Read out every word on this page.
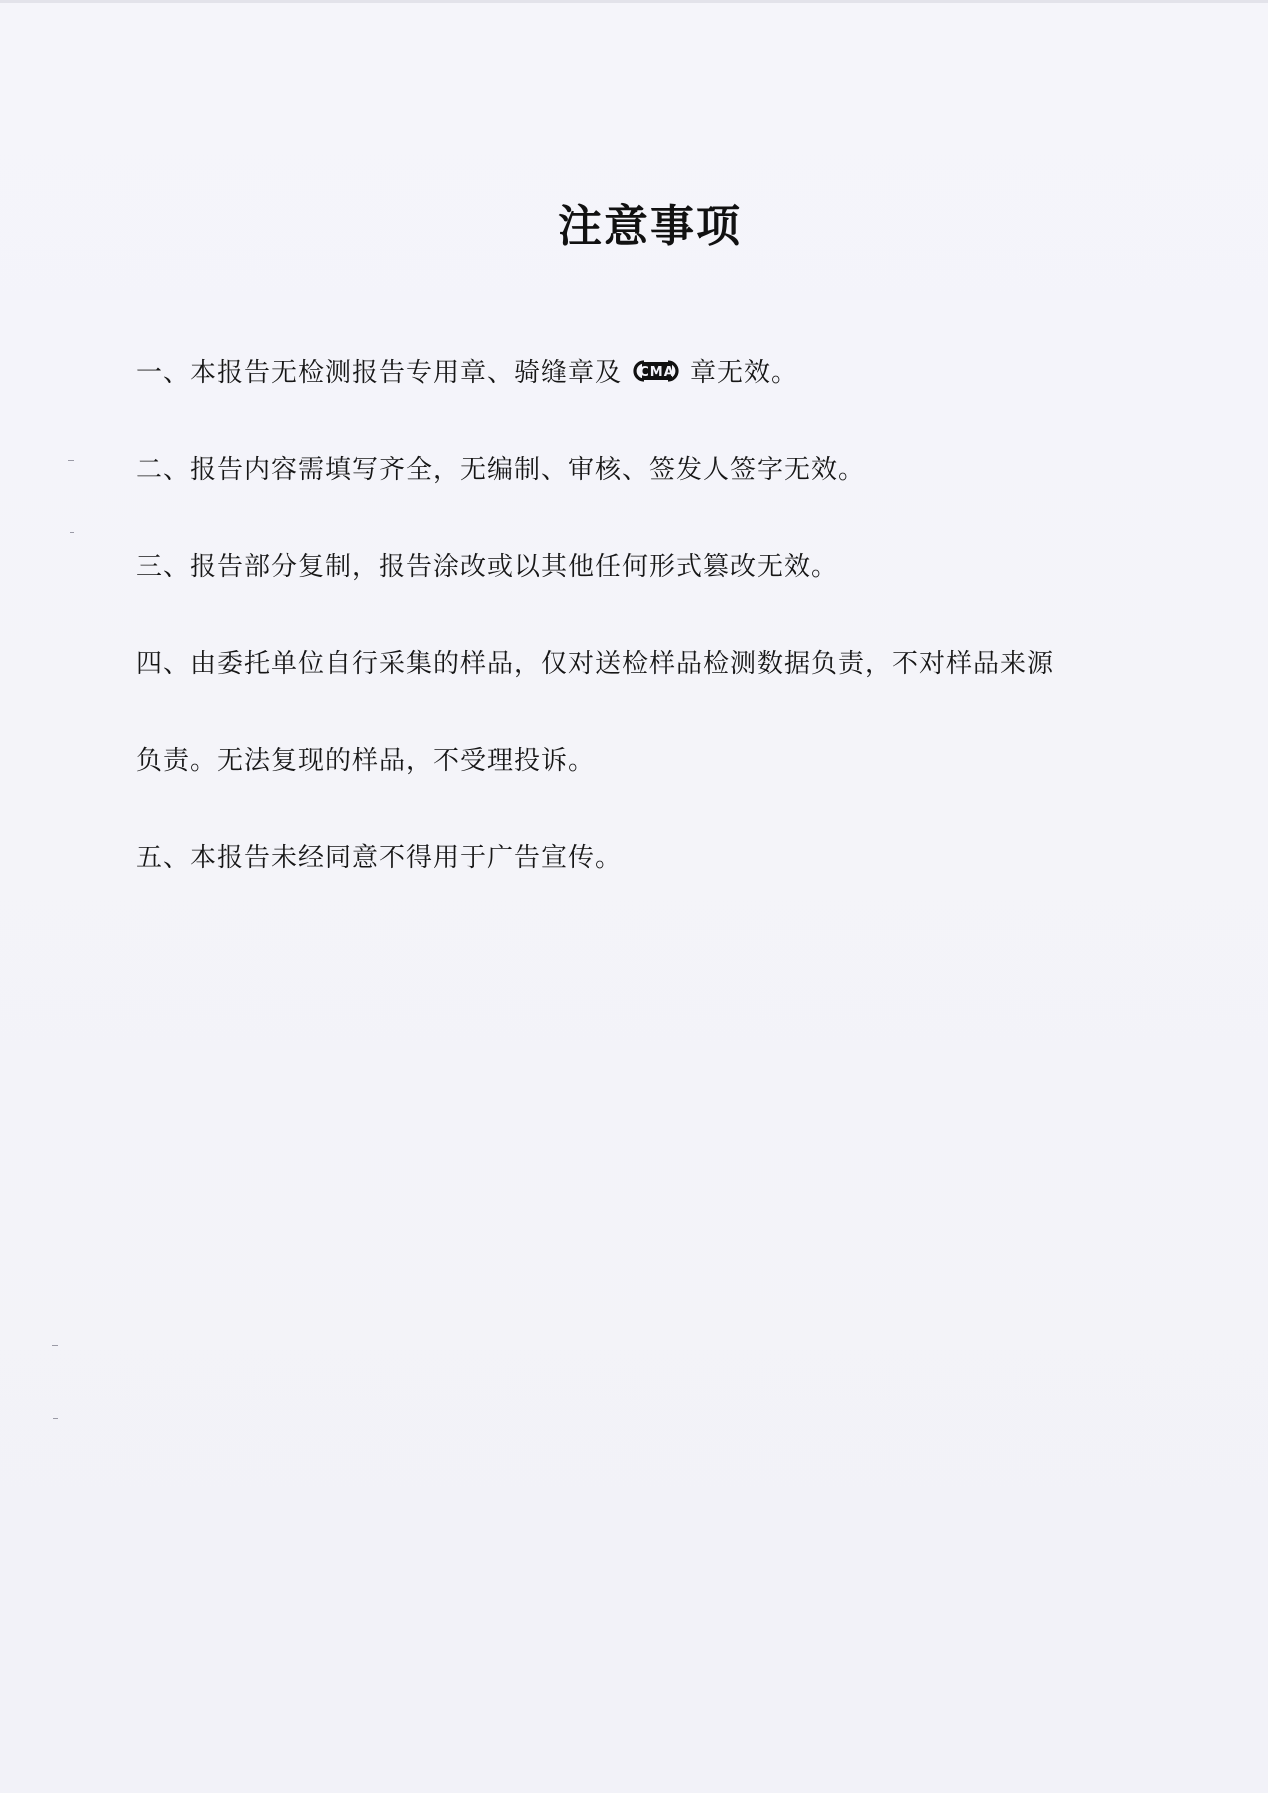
注意事项
一、本报告无检测报告专用章、骑缝章及 CMA 章无效。
二、报告内容需填写齐全，无编制、审核、签发人签字无效。
三、报告部分复制，报告涂改或以其他任何形式篡改无效。
四、由委托单位自行采集的样品，仅对送检样品检测数据负责，不对样品来源
负责。无法复现的样品，不受理投诉。
五、本报告未经同意不得用于广告宣传。
